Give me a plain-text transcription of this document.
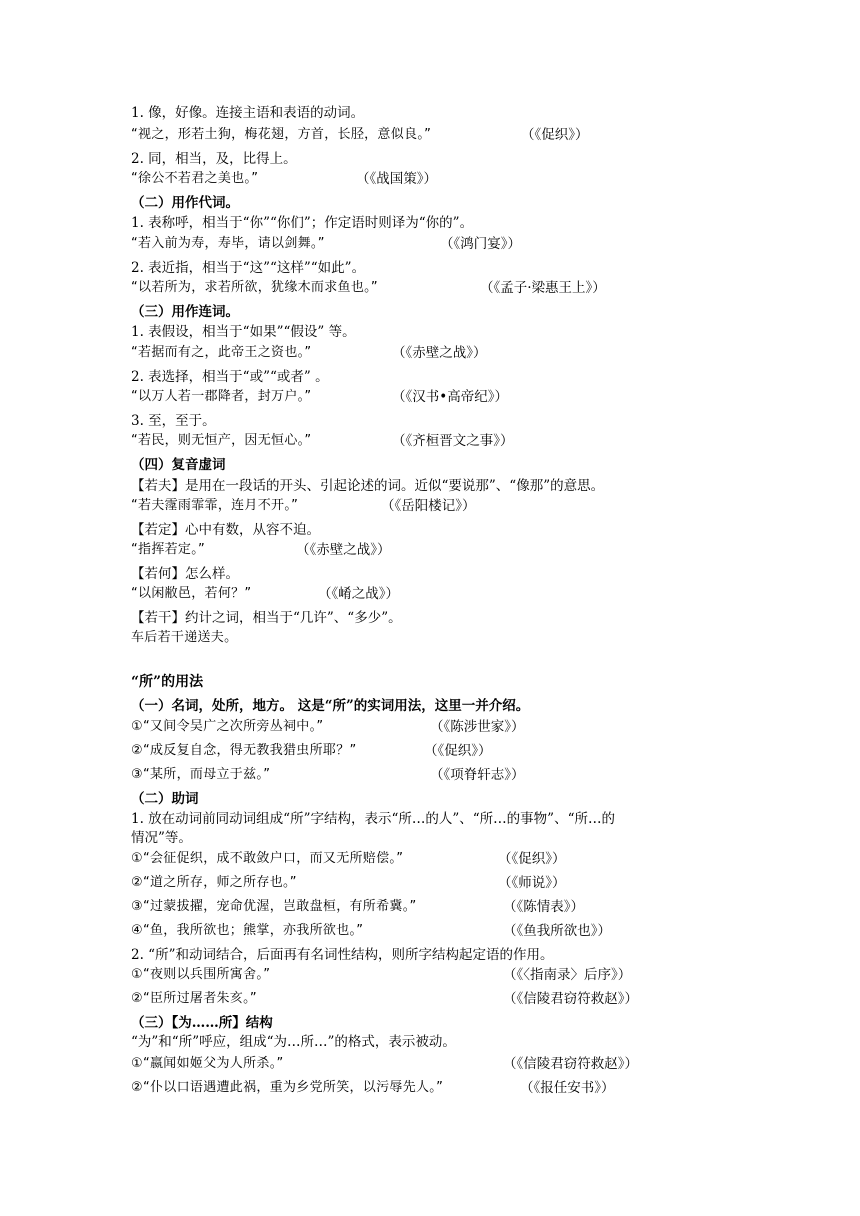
1. 像，好像。连接主语和表语的动词。
“视之，形若土狗，梅花翅，方首，长胫，意似良。”	（《促织》）
2. 同，相当，及，比得上。
“徐公不若君之美也。”	（《战国策》）
（二）用作代词。
1. 表称呼，相当于“你”“你们”；作定语时则译为“你的”。
“若入前为寿，寿毕，请以剑舞。”	（《鸿门宴》）
2. 表近指，相当于“这”“这样”“如此”。
“以若所为，求若所欲，犹缘木而求鱼也。”	（《孟子·梁惠王上》）
（三）用作连词。
1. 表假设，相当于“如果”“假设” 等。
“若据而有之，此帝王之资也。”	（《赤壁之战》）
2. 表选择，相当于“或”“或者” 。
“以万人若一郡降者，封万户。”	（《汉书•高帝纪》）
3. 至，至于。
“若民，则无恒产，因无恒心。”	（《齐桓晋文之事》）
（四）复音虚词
【若夫】是用在一段话的开头、引起论述的词。近似“要说那”、“像那”的意思。
“若夫霪雨霏霏，连月不开。”	（《岳阳楼记》）
【若定】心中有数，从容不迫。
“指挥若定。”	（《赤壁之战》）
【若何】怎么样。
“以闲敝邑，若何？”	（《崤之战》）
【若干】约计之词，相当于“几许”、“多少”。
车后若干递送夫。
“所”的用法
（一）名词，处所，地方。 这是“所”的实词用法，这里一并介绍。
①“又间令吴广之次所旁丛祠中。”	（《陈涉世家》）
②“成反复自念，得无教我猎虫所耶？”	（《促织》）
③“某所，而母立于兹。”	（《项脊轩志》）
（二）助词
1. 放在动词前同动词组成“所”字结构，表示“所…的人”、“所…的事物”、“所…的
情况”等。
①“会征促织，成不敢敛户口，而又无所赔偿。”	（《促织》）
②“道之所存，师之所存也。”	（《师说》）
③“过蒙拔擢，宠命优渥，岂敢盘桓，有所希冀。”	（《陈情表》）
④“鱼，我所欲也；熊掌，亦我所欲也。”	（《鱼我所欲也》）
2. “所”和动词结合，后面再有名词性结构，则所字结构起定语的作用。
①“夜则以兵围所寓舍。”	（《〈指南录〉后序》）
②“臣所过屠者朱亥。”	（《信陵君窃符救赵》）
（三）【为……所】结构
“为”和“所”呼应，组成“为…所…”的格式，表示被动。
①“嬴闻如姬父为人所杀。”	（《信陵君窃符救赵》）
②“仆以口语遇遭此祸，重为乡党所笑，以污辱先人。”	（《报任安书》）
